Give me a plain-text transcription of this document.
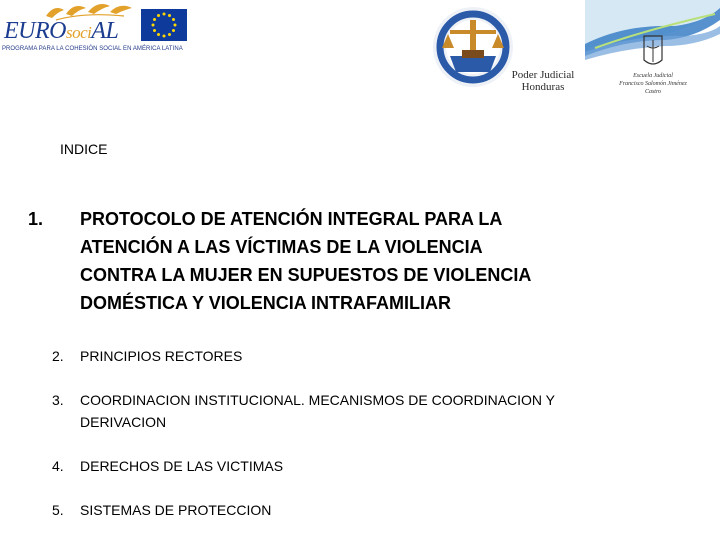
EUROsociAL
PROGRAMA PARA LA COHESIÓN SOCIAL EN AMÉRICA LATINA
Poder Judicial
Honduras
Escuela Judicial
Francisco Salomón Jiménez Castro
INDICE
1. PROTOCOLO DE ATENCIÓN INTEGRAL PARA LA
ATENCIÓN A LAS VÍCTIMAS DE LA VIOLENCIA
CONTRA LA MUJER EN SUPUESTOS DE VIOLENCIA
DOMÉSTICA Y VIOLENCIA INTRAFAMILIAR
2. PRINCIPIOS RECTORES
3. COORDINACION INSTITUCIONAL. MECANISMOS DE COORDINACION Y
DERIVACION
4. DERECHOS DE LAS VICTIMAS
5. SISTEMAS DE PROTECCION
